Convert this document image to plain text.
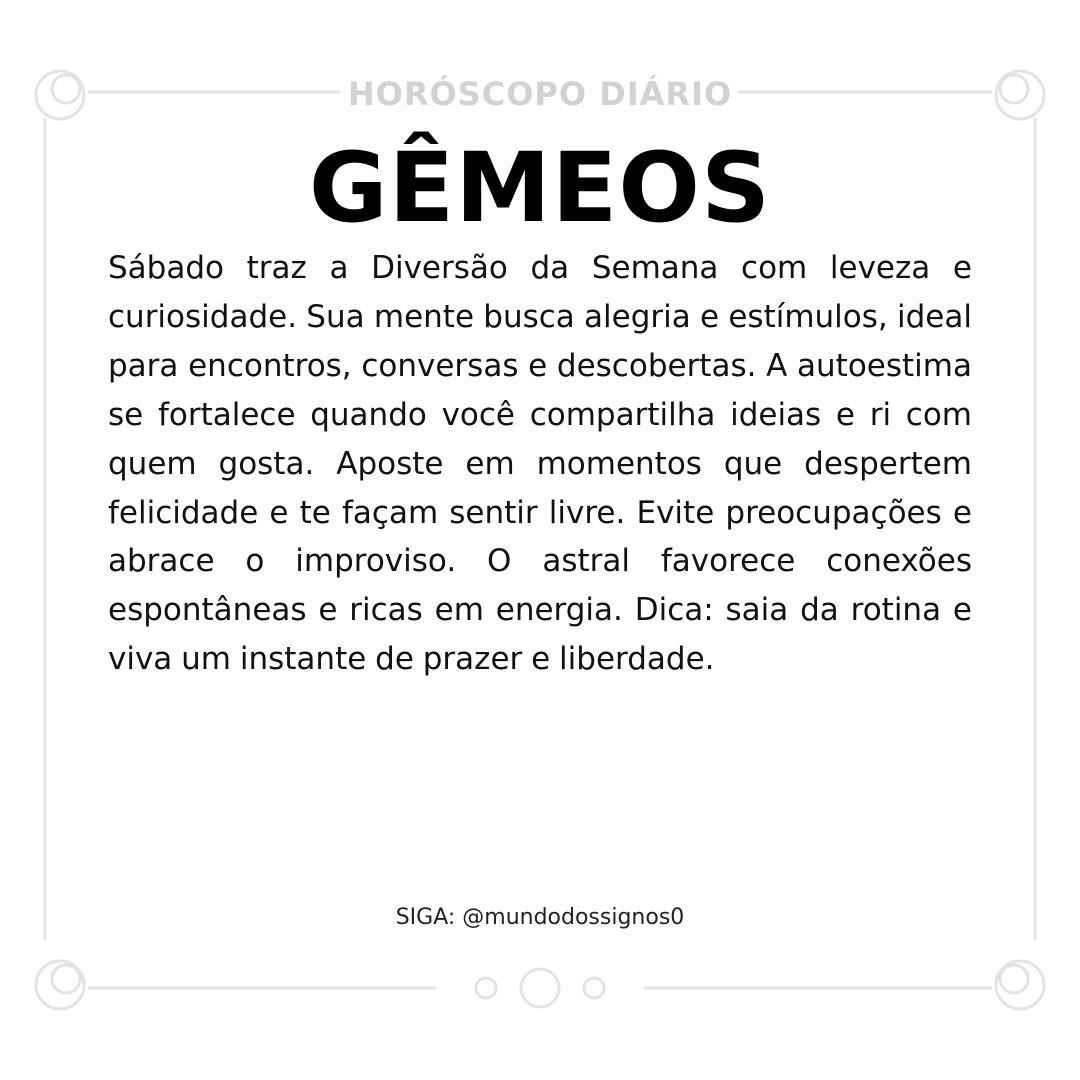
HORÓSCOPO DIÁRIO
GÊMEOS
Sábado traz a Diversão da Semana com leveza e curiosidade. Sua mente busca alegria e estímulos, ideal para encontros, conversas e descobertas. A autoestima se fortalece quando você compartilha ideias e ri com quem gosta. Aposte em momentos que despertem felicidade e te façam sentir livre. Evite preocupações e abrace o improviso. O astral favorece conexões espontâneas e ricas em energia. Dica: saia da rotina e viva um instante de prazer e liberdade.
SIGA: @mundodossignos0
